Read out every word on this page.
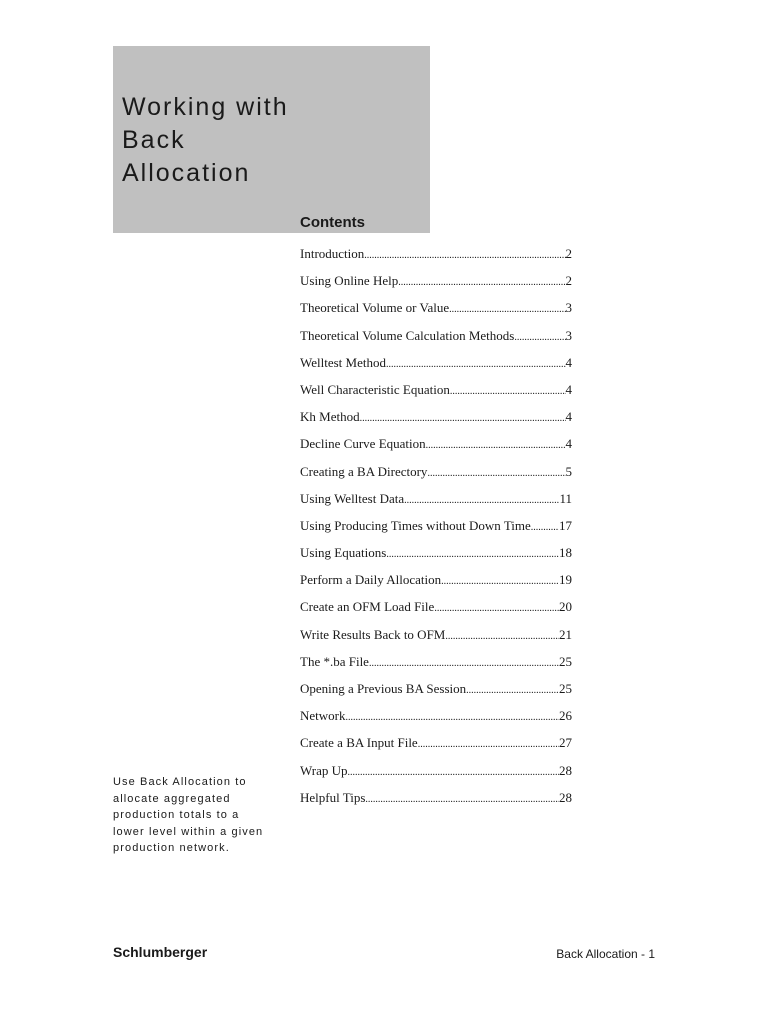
Working with
Back
Allocation
Contents
Introduction .....	2
Using Online Help .....	2
Theoretical Volume or Value .....	3
Theoretical Volume Calculation Methods .....	3
Welltest Method .....	4
Well Characteristic Equation .....	4
Kh Method .....	4
Decline Curve Equation .....	4
Creating a BA Directory .....	5
Using Welltest Data .....	11
Using Producing Times without Down Time ..... 17
Using Equations .....	18
Perform a Daily Allocation .....	19
Create an OFM Load File .....	20
Write Results Back to OFM .....	21
The *.ba File .....	25
Opening a Previous BA Session .....	25
Network .....	26
Create a BA Input File .....	27
Wrap Up .....	28
Helpful Tips .....	28

Use Back Allocation to allocate aggregated production totals to a lower level within a given production network.

Schlumberger	Back Allocation - 1
